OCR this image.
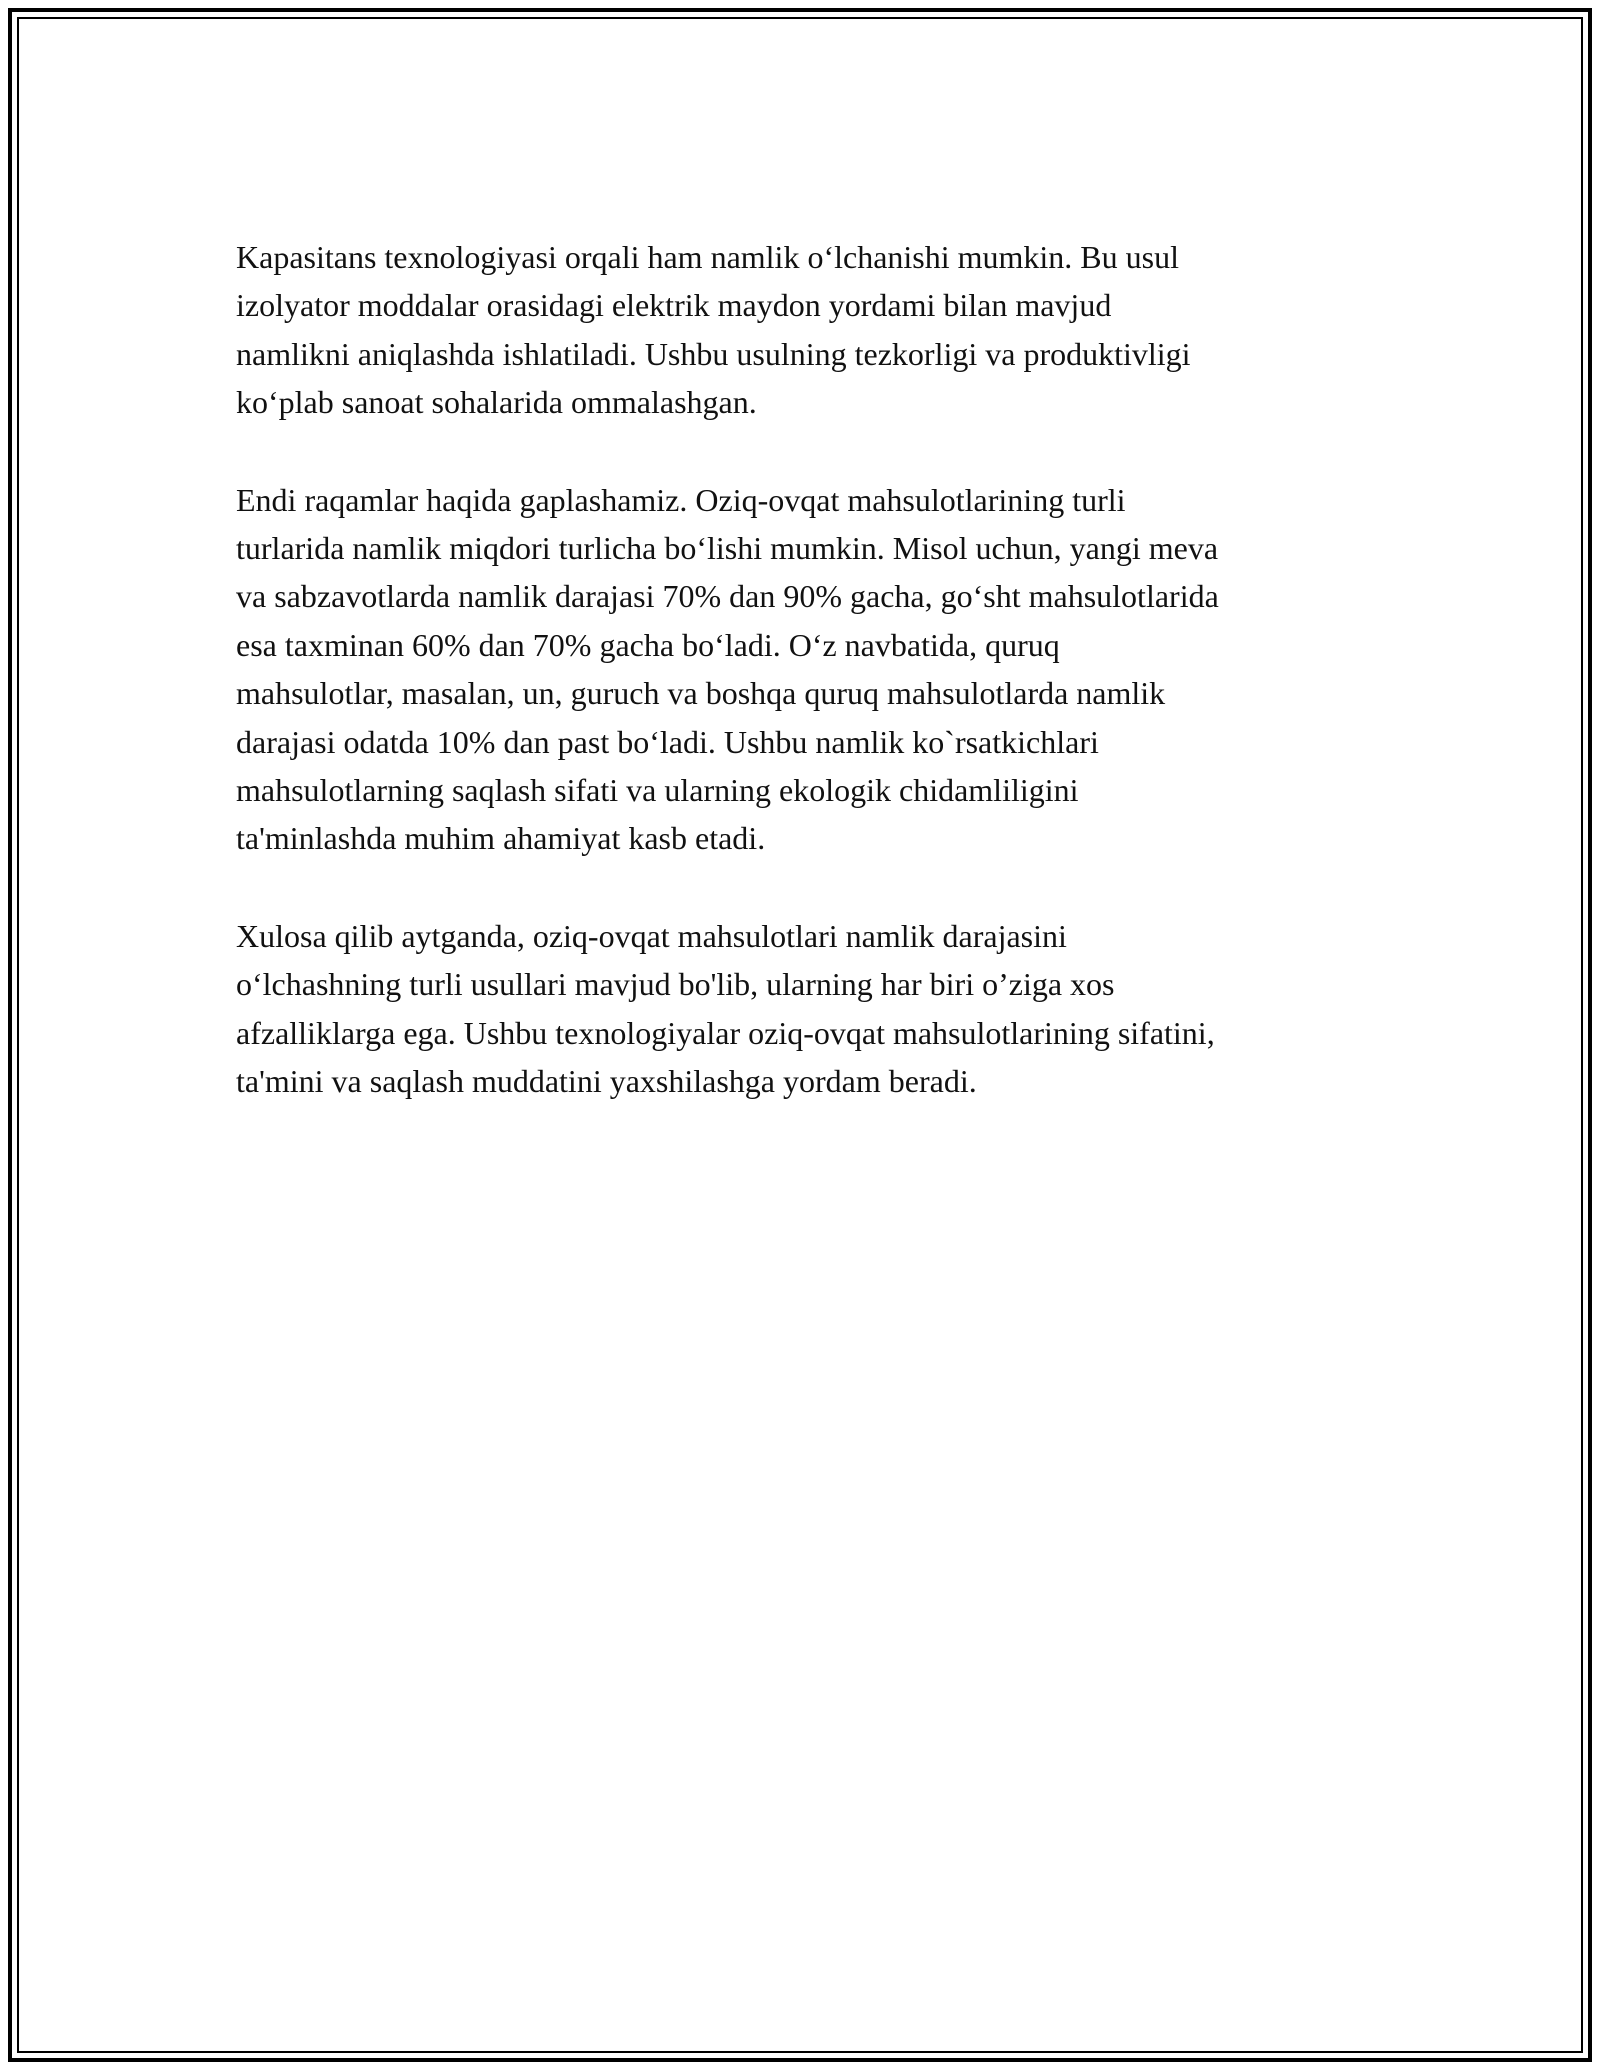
Kapasitans texnologiyasi orqali ham namlik o‘lchanishi mumkin. Bu usul
izolyator moddalar orasidagi elektrik maydon yordami bilan mavjud
namlikni aniqlashda ishlatiladi. Ushbu usulning tezkorligi va produktivligi
ko‘plab sanoat sohalarida ommalashgan.

Endi raqamlar haqida gaplashamiz. Oziq-ovqat mahsulotlarining turli
turlarida namlik miqdori turlicha bo‘lishi mumkin. Misol uchun, yangi meva
va sabzavotlarda namlik darajasi 70% dan 90% gacha, go‘sht mahsulotlarida
esa taxminan 60% dan 70% gacha bo‘ladi. O‘z navbatida, quruq
mahsulotlar, masalan, un, guruch va boshqa quruq mahsulotlarda namlik
darajasi odatda 10% dan past bo‘ladi. Ushbu namlik ko`rsatkichlari
mahsulotlarning saqlash sifati va ularning ekologik chidamliligini
ta'minlashda muhim ahamiyat kasb etadi.

Xulosa qilib aytganda, oziq-ovqat mahsulotlari namlik darajasini
o‘lchashning turli usullari mavjud bo'lib, ularning har biri o’ziga xos
afzalliklarga ega. Ushbu texnologiyalar oziq-ovqat mahsulotlarining sifatini,
ta'mini va saqlash muddatini yaxshilashga yordam beradi.
